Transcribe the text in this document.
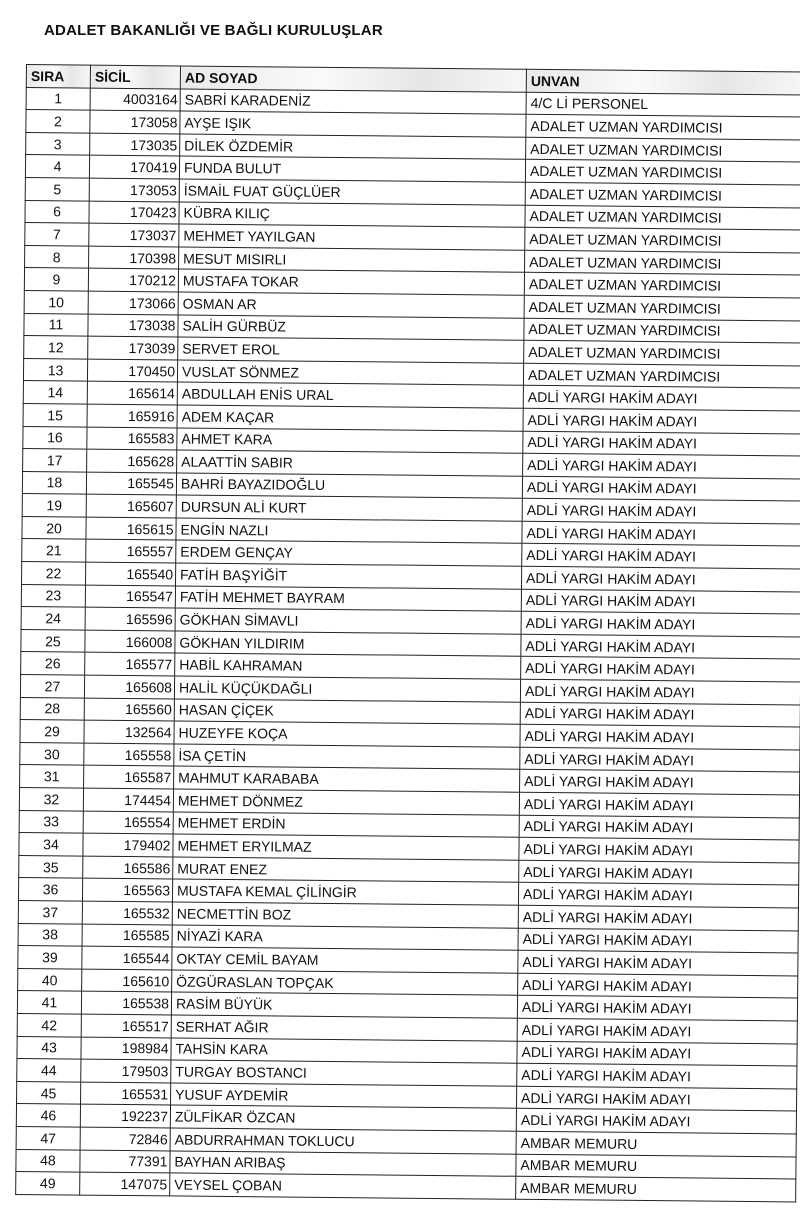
ADALET BAKANLIĞI VE BAĞLI KURULUŞLAR
SIRA	SİCİL	AD SOYAD	UNVAN
1	4003164	SABRİ KARADENİZ	4/C Lİ PERSONEL
2	173058	AYŞE IŞIK	ADALET UZMAN YARDIMCISI
3	173035	DİLEK ÖZDEMİR	ADALET UZMAN YARDIMCISI
4	170419	FUNDA BULUT	ADALET UZMAN YARDIMCISI
5	173053	İSMAİL FUAT GÜÇLÜER	ADALET UZMAN YARDIMCISI
6	170423	KÜBRA KILIÇ	ADALET UZMAN YARDIMCISI
7	173037	MEHMET YAYILGAN	ADALET UZMAN YARDIMCISI
8	170398	MESUT MISIRLI	ADALET UZMAN YARDIMCISI
9	170212	MUSTAFA TOKAR	ADALET UZMAN YARDIMCISI
10	173066	OSMAN AR	ADALET UZMAN YARDIMCISI
11	173038	SALİH GÜRBÜZ	ADALET UZMAN YARDIMCISI
12	173039	SERVET EROL	ADALET UZMAN YARDIMCISI
13	170450	VUSLAT SÖNMEZ	ADALET UZMAN YARDIMCISI
14	165614	ABDULLAH ENİS URAL	ADLİ YARGI HAKİM ADAYI
15	165916	ADEM KAÇAR	ADLİ YARGI HAKİM ADAYI
16	165583	AHMET KARA	ADLİ YARGI HAKİM ADAYI
17	165628	ALAATTİN SABIR	ADLİ YARGI HAKİM ADAYI
18	165545	BAHRİ BAYAZIDOĞLU	ADLİ YARGI HAKİM ADAYI
19	165607	DURSUN ALİ KURT	ADLİ YARGI HAKİM ADAYI
20	165615	ENGİN NAZLI	ADLİ YARGI HAKİM ADAYI
21	165557	ERDEM GENÇAY	ADLİ YARGI HAKİM ADAYI
22	165540	FATİH BAŞYİĞİT	ADLİ YARGI HAKİM ADAYI
23	165547	FATİH MEHMET BAYRAM	ADLİ YARGI HAKİM ADAYI
24	165596	GÖKHAN SİMAVLI	ADLİ YARGI HAKİM ADAYI
25	166008	GÖKHAN YILDIRIM	ADLİ YARGI HAKİM ADAYI
26	165577	HABİL KAHRAMAN	ADLİ YARGI HAKİM ADAYI
27	165608	HALİL KÜÇÜKDAĞLI	ADLİ YARGI HAKİM ADAYI
28	165560	HASAN ÇİÇEK	ADLİ YARGI HAKİM ADAYI
29	132564	HUZEYFE KOÇA	ADLİ YARGI HAKİM ADAYI
30	165558	İSA ÇETİN	ADLİ YARGI HAKİM ADAYI
31	165587	MAHMUT KARABABA	ADLİ YARGI HAKİM ADAYI
32	174454	MEHMET DÖNMEZ	ADLİ YARGI HAKİM ADAYI
33	165554	MEHMET ERDİN	ADLİ YARGI HAKİM ADAYI
34	179402	MEHMET ERYILMAZ	ADLİ YARGI HAKİM ADAYI
35	165586	MURAT ENEZ	ADLİ YARGI HAKİM ADAYI
36	165563	MUSTAFA KEMAL ÇİLİNGİR	ADLİ YARGI HAKİM ADAYI
37	165532	NECMETTİN BOZ	ADLİ YARGI HAKİM ADAYI
38	165585	NİYAZİ KARA	ADLİ YARGI HAKİM ADAYI
39	165544	OKTAY CEMİL BAYAM	ADLİ YARGI HAKİM ADAYI
40	165610	ÖZGÜRASLAN TOPÇAK	ADLİ YARGI HAKİM ADAYI
41	165538	RASİM BÜYÜK	ADLİ YARGI HAKİM ADAYI
42	165517	SERHAT AĞIR	ADLİ YARGI HAKİM ADAYI
43	198984	TAHSİN KARA	ADLİ YARGI HAKİM ADAYI
44	179503	TURGAY BOSTANCI	ADLİ YARGI HAKİM ADAYI
45	165531	YUSUF AYDEMİR	ADLİ YARGI HAKİM ADAYI
46	192237	ZÜLFİKAR ÖZCAN	ADLİ YARGI HAKİM ADAYI
47	72846	ABDURRAHMAN TOKLUCU	AMBAR MEMURU
48	77391	BAYHAN ARIBAŞ	AMBAR MEMURU
49	147075	VEYSEL ÇOBAN	AMBAR MEMURU
